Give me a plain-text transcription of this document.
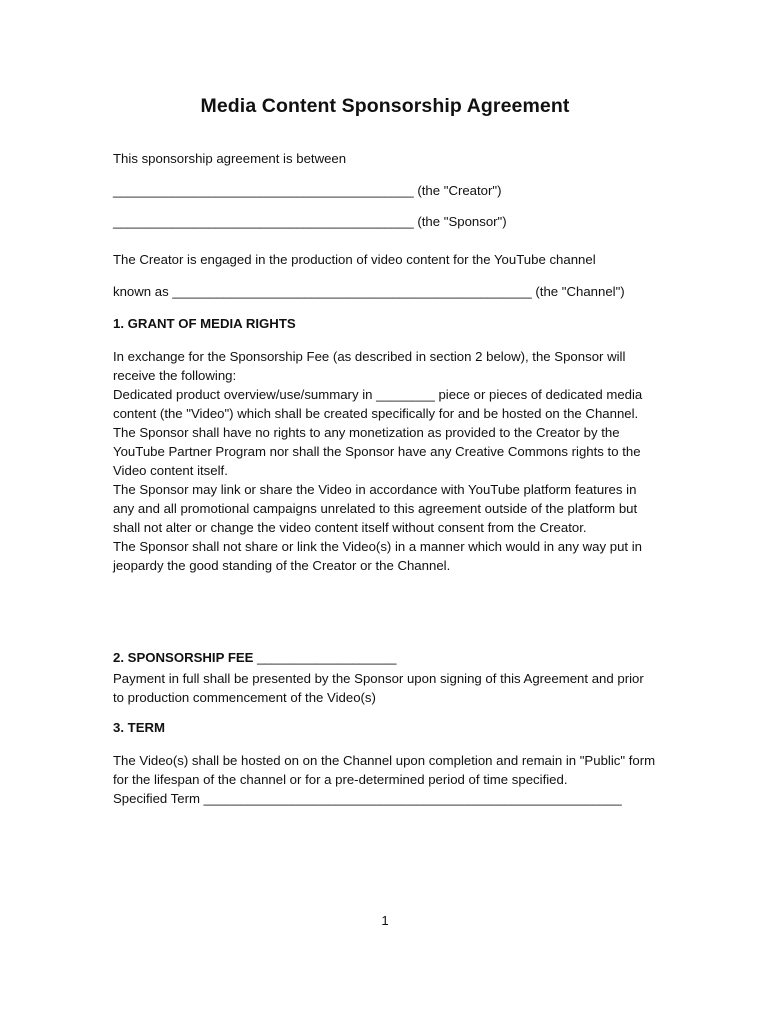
Media Content Sponsorship Agreement
This sponsorship agreement is between
_________________________________________ (the "Creator")
_________________________________________ (the "Sponsor")
The Creator is engaged in the production of video content for the YouTube channel
known as _________________________________________________ (the "Channel")
1. GRANT OF MEDIA RIGHTS

In exchange for the Sponsorship Fee (as described in section 2 below), the Sponsor will receive the following:

Dedicated product overview/use/summary in ________ piece or pieces of dedicated media content (the "Video") which shall be created specifically for and be hosted on the Channel.

The Sponsor shall have no rights to any monetization as provided to the Creator by the YouTube Partner Program nor shall the Sponsor have any Creative Commons rights to the Video content itself.

The Sponsor may link or share the Video in accordance with YouTube platform features in any and all promotional campaigns unrelated to this agreement outside of the platform but shall not alter or change the video content itself without consent from the Creator.

The Sponsor shall not share or link the Video(s) in a manner which would in any way put in jeopardy the good standing of the Creator or the Channel.

2. SPONSORSHIP FEE ___________________
Payment in full shall be presented by the Sponsor upon signing of this Agreement and prior to production commencement of the Video(s)
3. TERM

The Video(s) shall be hosted on on the Channel upon completion and remain in "Public" form for the lifespan of the channel or for a pre-determined period of time specified.

Specified Term _________________________________________________________

1
